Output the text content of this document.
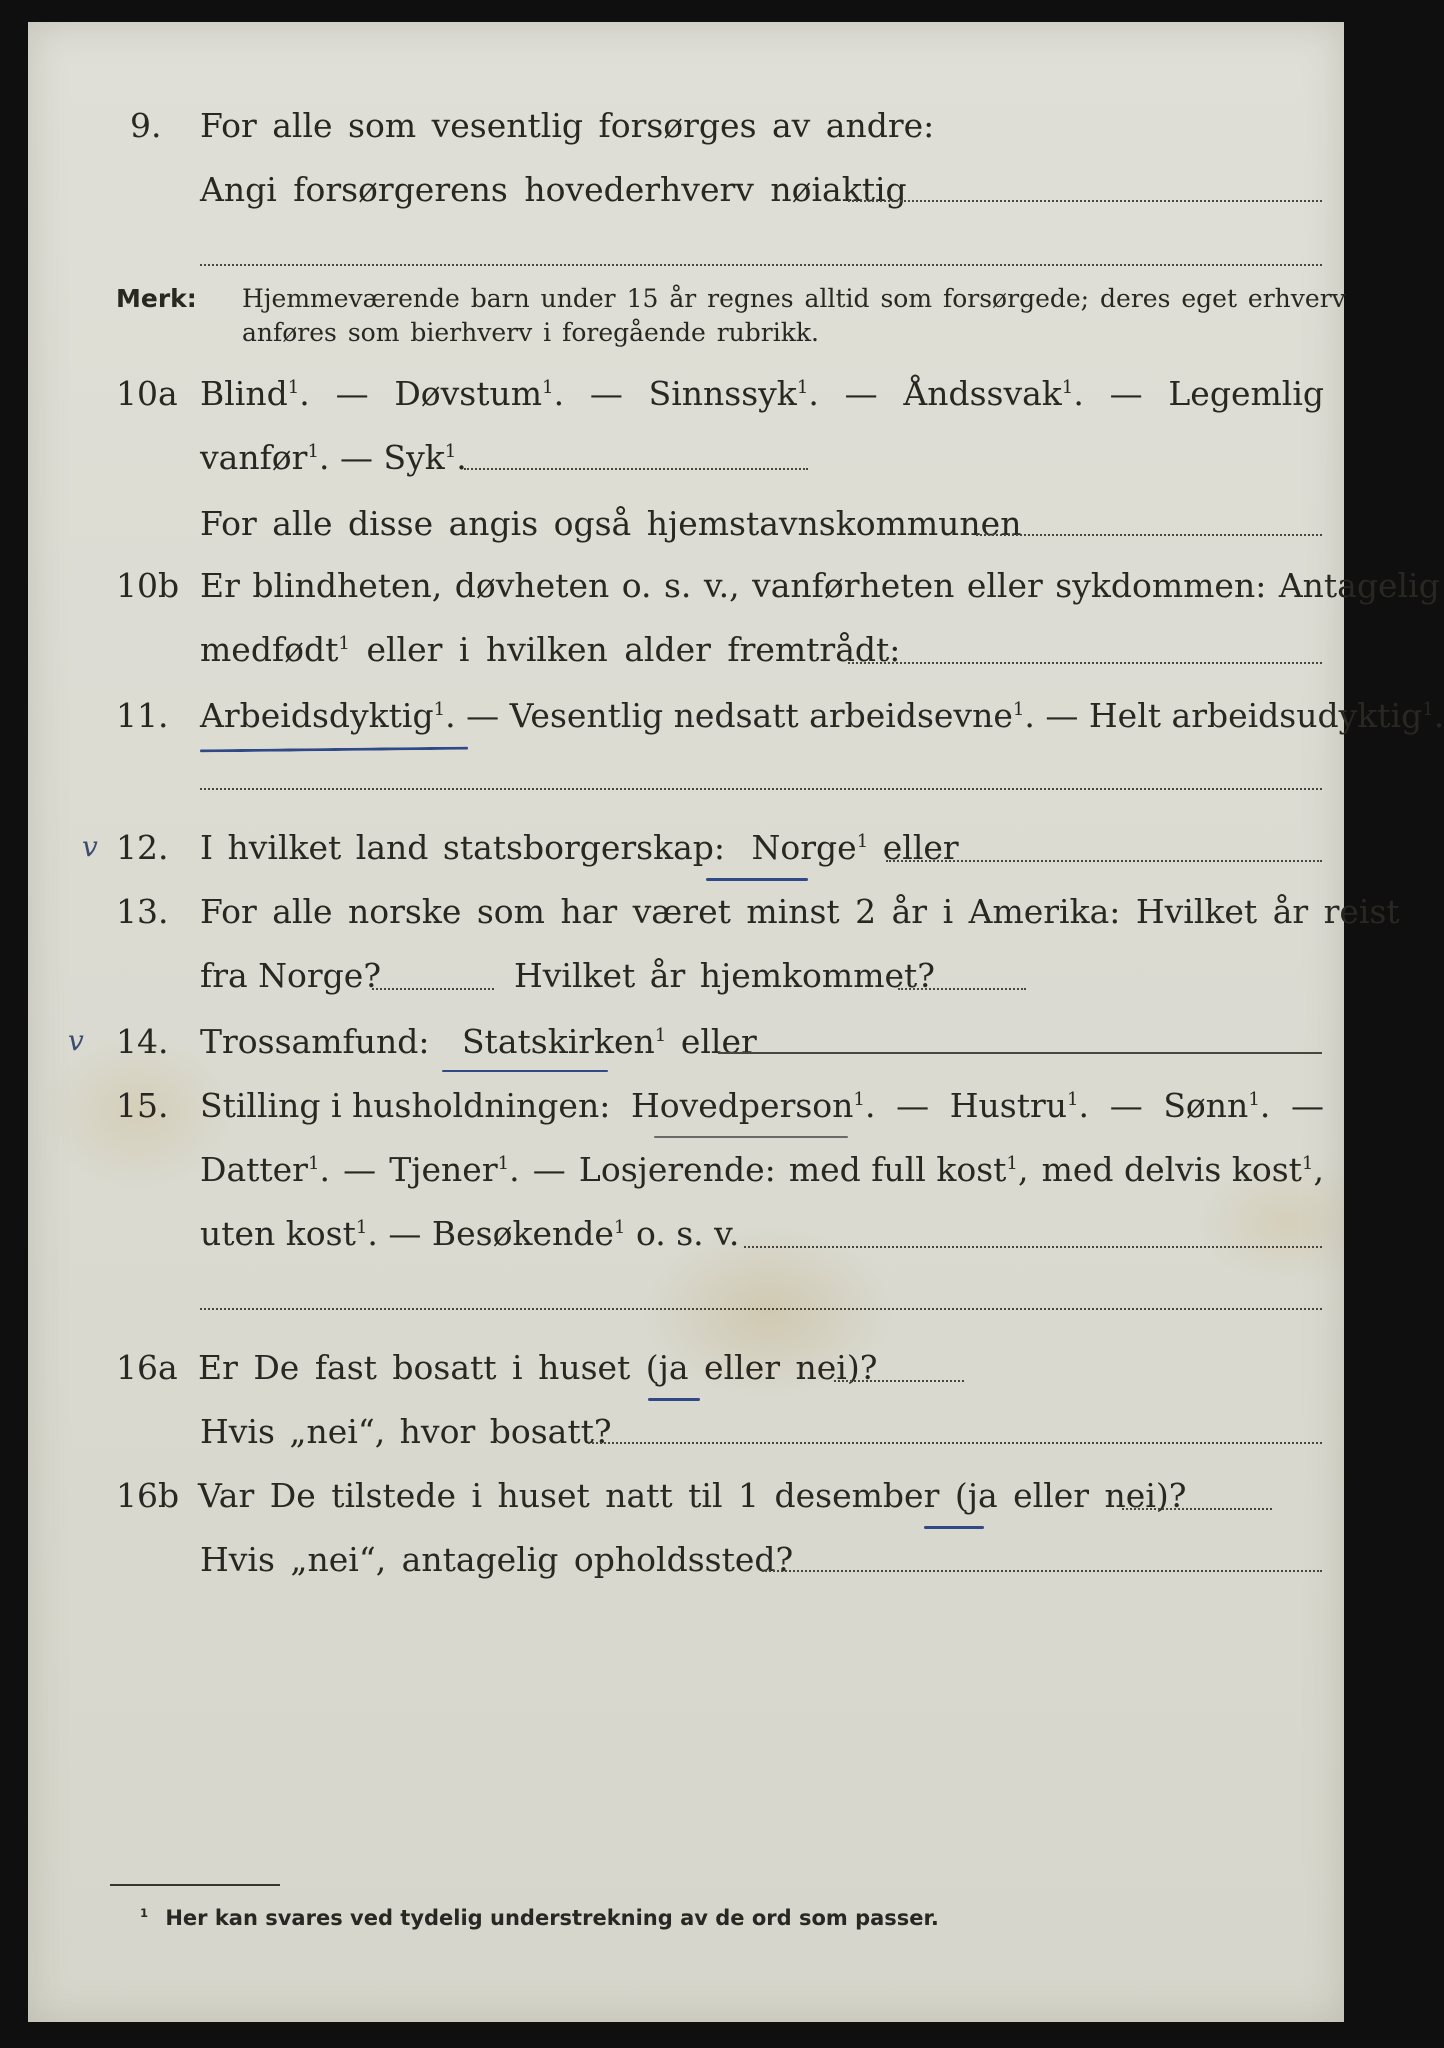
9. For alle som vesentlig forsørges av andre:
Angi forsørgerens hovederhverv nøiaktig
Merk: Hjemmeværende barn under 15 år regnes alltid som forsørgede; deres eget erhverv
anføres som bierhverv i foregående rubrikk.
10a Blind$^1$. — Døvstum$^1$. — Sinnssyk$^1$. — Åndssvak$^1$. — Legemlig
vanfør$^1$. — Syk$^1$.
For alle disse angis også hjemstavnskommunen
10b Er blindheten, døvheten o. s. v., vanførheten eller sykdommen: Antagelig
medfødt$^1$ eller i hvilken alder fremtrådt:
11. Arbeidsdyktig$^1$. — Vesentlig nedsatt arbeidsevne$^1$. — Helt arbeidsudyktig$^1$.
v 12. I hvilket land statsborgerskap: Norge$^1$ eller
13. For alle norske som har været minst 2 år i Amerika: Hvilket år reist
fra Norge?	Hvilket år hjemkommet?
v 14. Trossamfund: Statskirken$^1$ eller
15. Stilling i husholdningen: Hovedperson$^1$. — Hustru$^1$. — Sønn$^1$. —
Datter$^1$. — Tjener$^1$. — Losjerende: med full kost$^1$, med delvis kost$^1$,
uten kost$^1$. — Besøkende$^1$ o. s. v.
16a Er De fast bosatt i huset (ja eller nei)?
Hvis „nei“, hvor bosatt?
16b Var De tilstede i huset natt til 1 desember (ja eller nei)?
Hvis „nei“, antagelig opholdssted?
$^1$ Her kan svares ved tydelig understrekning av de ord som passer.
